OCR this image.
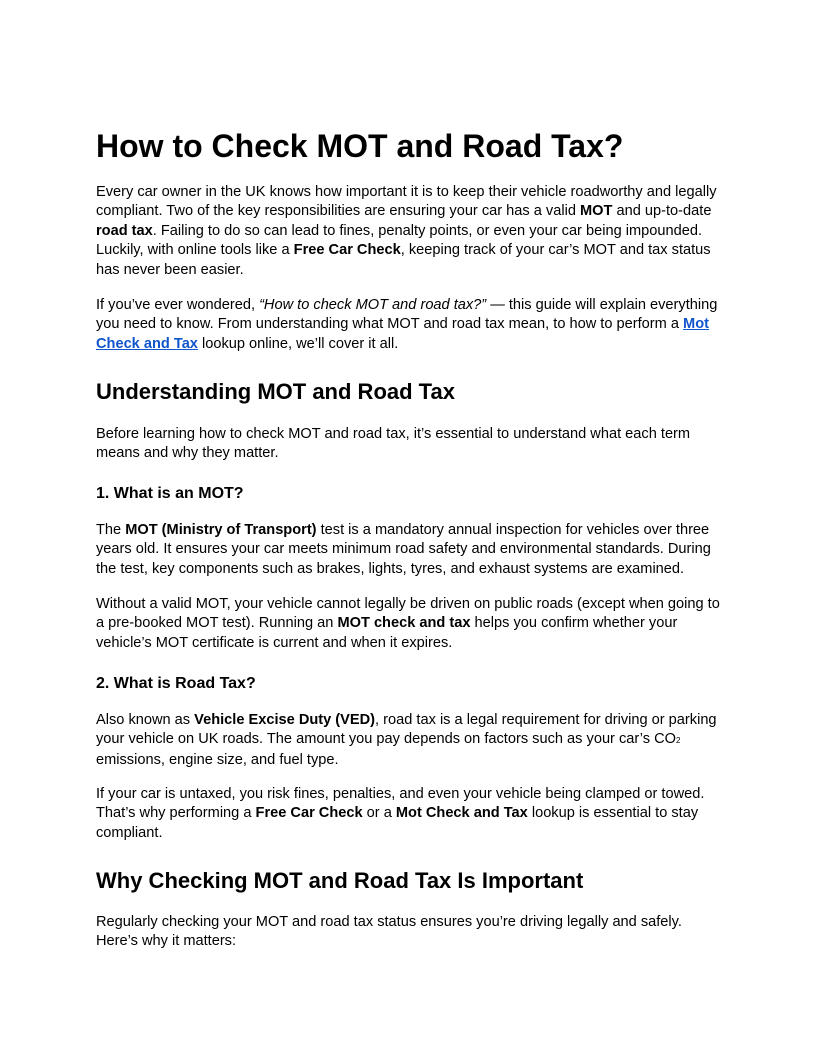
How to Check MOT and Road Tax?

Every car owner in the UK knows how important it is to keep their vehicle roadworthy and legally compliant. Two of the key responsibilities are ensuring your car has a valid MOT and up-to-date road tax. Failing to do so can lead to fines, penalty points, or even your car being impounded. Luckily, with online tools like a Free Car Check, keeping track of your car’s MOT and tax status has never been easier.

If you’ve ever wondered, “How to check MOT and road tax?” — this guide will explain everything you need to know. From understanding what MOT and road tax mean, to how to perform a Mot Check and Tax lookup online, we’ll cover it all.

Understanding MOT and Road Tax

Before learning how to check MOT and road tax, it’s essential to understand what each term means and why they matter.

1. What is an MOT?

The MOT (Ministry of Transport) test is a mandatory annual inspection for vehicles over three years old. It ensures your car meets minimum road safety and environmental standards. During the test, key components such as brakes, lights, tyres, and exhaust systems are examined.

Without a valid MOT, your vehicle cannot legally be driven on public roads (except when going to a pre-booked MOT test). Running an MOT check and tax helps you confirm whether your vehicle’s MOT certificate is current and when it expires.

2. What is Road Tax?

Also known as Vehicle Excise Duty (VED), road tax is a legal requirement for driving or parking your vehicle on UK roads. The amount you pay depends on factors such as your car’s CO2 emissions, engine size, and fuel type.

If your car is untaxed, you risk fines, penalties, and even your vehicle being clamped or towed. That’s why performing a Free Car Check or a Mot Check and Tax lookup is essential to stay compliant.

Why Checking MOT and Road Tax Is Important

Regularly checking your MOT and road tax status ensures you’re driving legally and safely. Here’s why it matters:
